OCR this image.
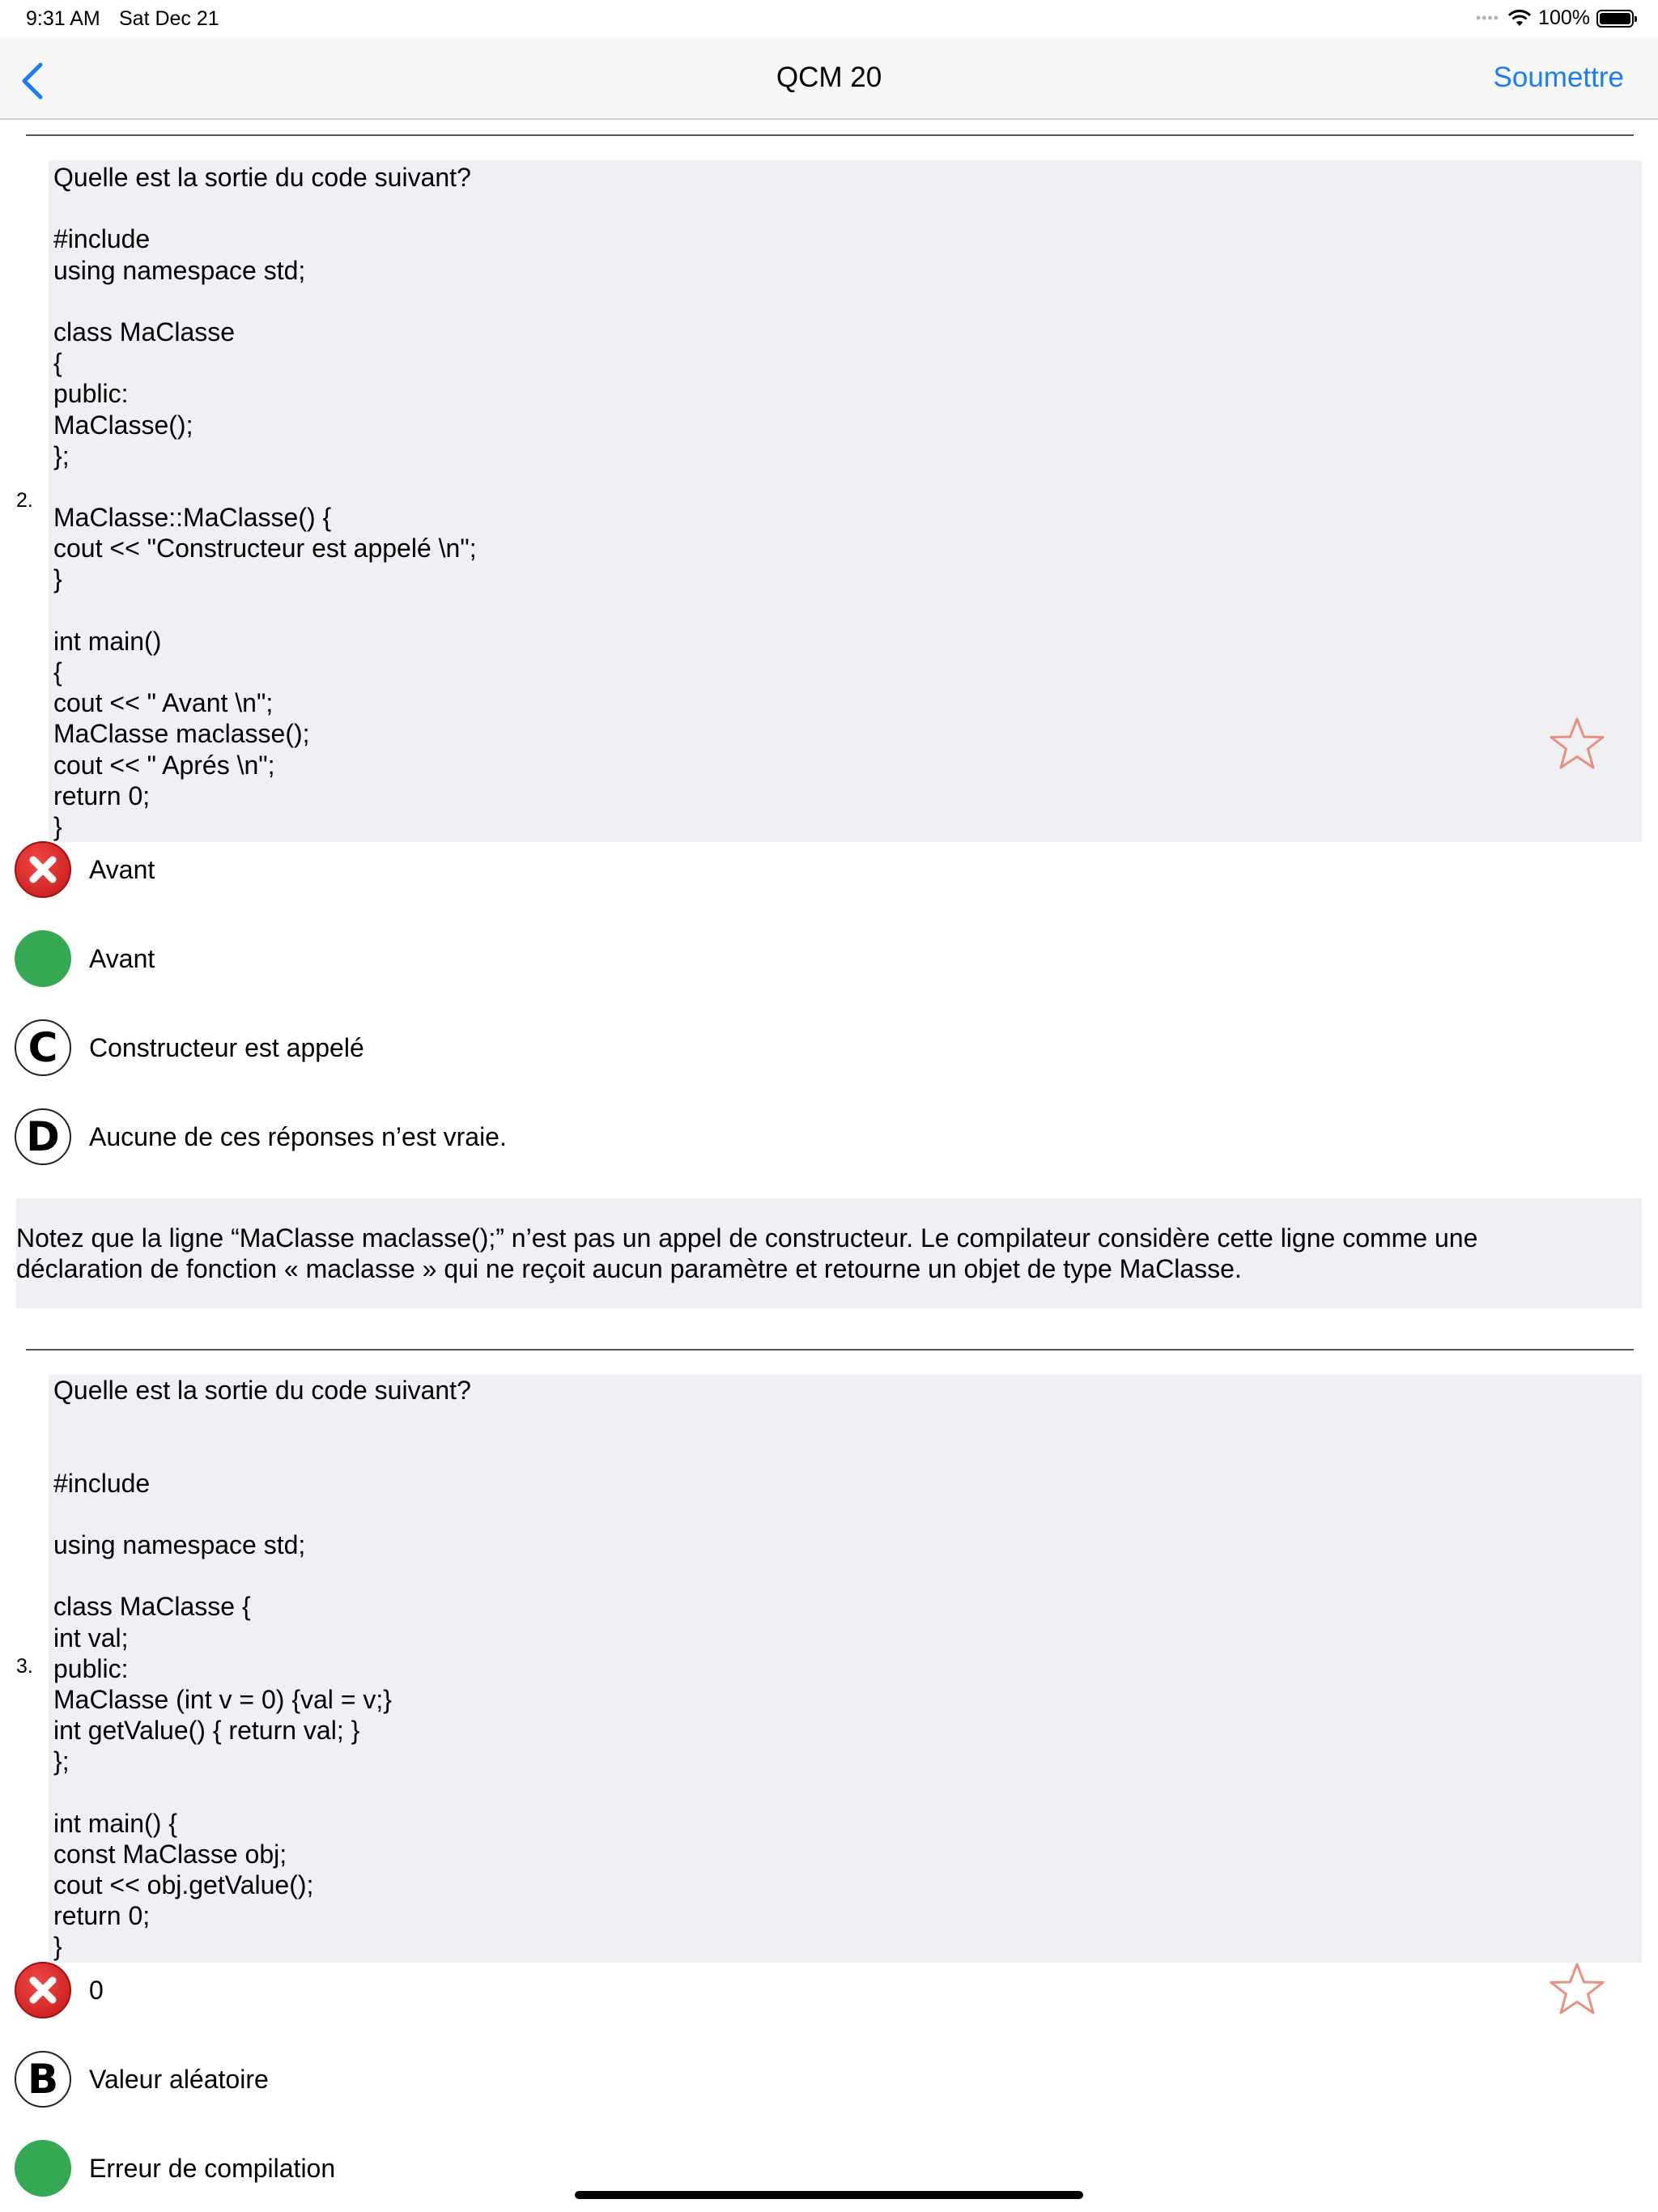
9:31 AM Sat Dec 21	•••• 100%
QCM 20	Soumettre
2.
Quelle est la sortie du code suivant?
#include
using namespace std;
class MaClasse
{
public:
MaClasse();
};
MaClasse::MaClasse() {
cout << "Constructeur est appelé \n";
}
int main()
{
cout << " Avant \n";
MaClasse maclasse();
cout << " Aprés \n";
return 0;
}
Avant
Avant
C	Constructeur est appelé
D	Aucune de ces réponses n’est vraie.
Notez que la ligne “MaClasse maclasse();” n’est pas un appel de constructeur. Le compilateur considère cette ligne comme une
déclaration de fonction « maclasse » qui ne reçoit aucun paramètre et retourne un objet de type MaClasse.
3.
Quelle est la sortie du code suivant?
#include
using namespace std;
class MaClasse {
int val;
public:
MaClasse (int v = 0) {val = v;}
int getValue() { return val; }
};
int main() {
const MaClasse obj;
cout << obj.getValue();
return 0;
}
0
B	Valeur aléatoire
Erreur de compilation
